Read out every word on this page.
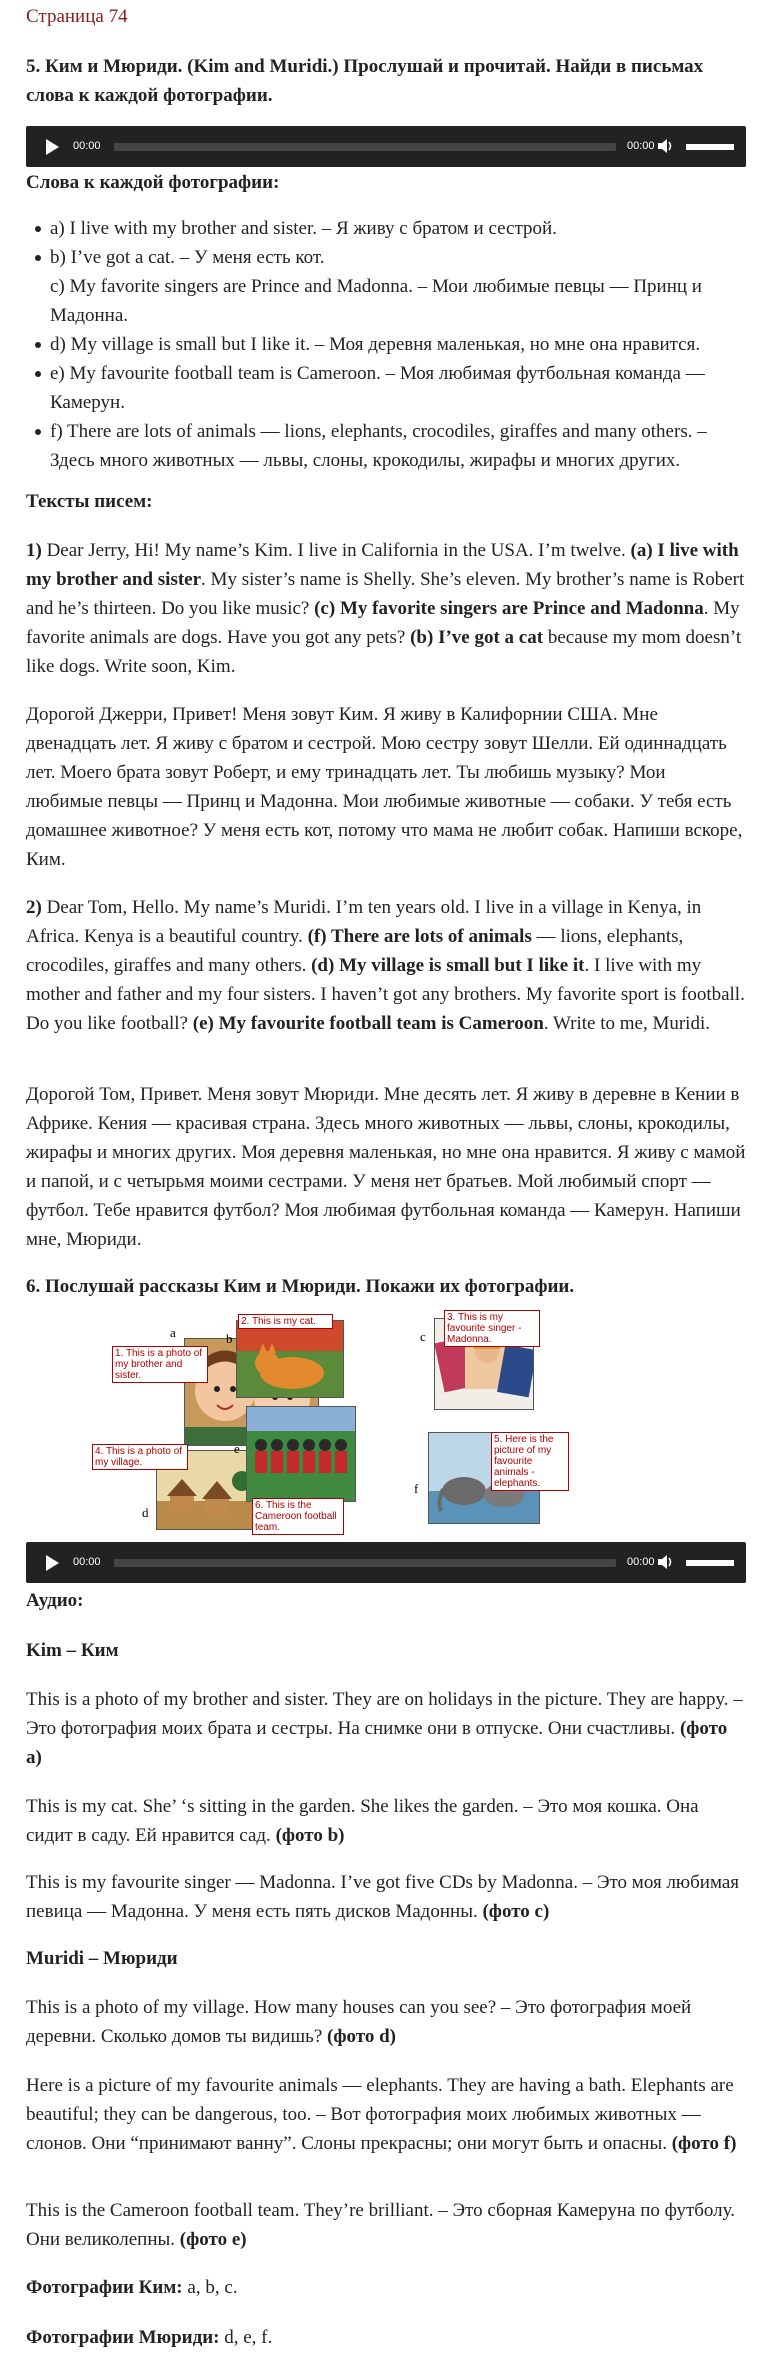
Страница 74
5. Ким и Мюриди. (Kim and Muridi.) Прослушай и прочитай. Найди в письмах слова к каждой фотографии.
00:00	00:00
Слова к каждой фотографии:
a) I live with my brother and sister. – Я живу с братом и сестрой.
b) I’ve got a cat. – У меня есть кот.
c) My favorite singers are Prince and Madonna. – Мои любимые певцы — Принц и Мадонна.
d) My village is small but I like it. – Моя деревня маленькая, но мне она нравится.
e) My favourite football team is Cameroon. – Моя любимая футбольная команда — Камерун.
f) There are lots of animals — lions, elephants, crocodiles, giraffes and many others. – Здесь много животных — львы, слоны, крокодилы, жирафы и многих других.
Тексты писем:

1) Dear Jerry, Hi! My name’s Kim. I live in California in the USA. I’m twelve. (a) I live with my brother and sister. My sister’s name is Shelly. She’s eleven. My brother’s name is Robert and he’s thirteen. Do you like music? (c) My favorite singers are Prince and Madonna. My favorite animals are dogs. Have you got any pets? (b) I’ve got a cat because my mom doesn’t like dogs. Write soon, Kim.

Дорогой Джерри, Привет! Меня зовут Ким. Я живу в Калифорнии США. Мне двенадцать лет. Я живу с братом и сестрой. Мою сестру зовут Шелли. Ей одиннадцать лет. Моего брата зовут Роберт, и ему тринадцать лет. Ты любишь музыку? Мои любимые певцы — Принц и Мадонна. Мои любимые животные — собаки. У тебя есть домашнее животное? У меня есть кот, потому что мама не любит собак. Напиши вскоре, Ким.

2) Dear Tom, Hello. My name’s Muridi. I’m ten years old. I live in a village in Kenya, in Africa. Kenya is a beautiful country. (f) There are lots of animals — lions, elephants, crocodiles, giraffes and many others. (d) My village is small but I like it. I live with my mother and father and my four sisters. I haven’t got any brothers. My favorite sport is football. Do you like football? (e) My favourite football team is Cameroon. Write to me, Muridi.

Дорогой Том, Привет. Меня зовут Мюриди. Мне десять лет. Я живу в деревне в Кении в Африке. Кения — красивая страна. Здесь много животных — львы, слоны, крокодилы, жирафы и многих других. Моя деревня маленькая, но мне она нравится. Я живу с мамой и папой, и с четырьмя моими сестрами. У меня нет братьев. Мой любимый спорт — футбол. Тебе нравится футбол? Моя любимая футбольная команда — Камерун. Напиши мне, Мюриди.

6. Послушай рассказы Ким и Мюриди. Покажи их фотографии.
a	b	c
d
e
f
1. This is a photo of my brother and sister.
2. This is my cat.	3. This is my favourite singer - Madonna.
4. This is a photo of my village.
5. Here is the picture of my favourite animals - elephants.
6. This is the Cameroon football team.
00:00	00:00
Аудио:
Kim – Ким

This is a photo of my brother and sister. They are on holidays in the picture. They are happy. – Это фотография моих брата и сестры. На снимке они в отпуске. Они счастливы. (фото а)

This is my cat. She’ ‘s sitting in the garden. She likes the garden. – Это моя кошка. Она сидит в саду. Ей нравится сад. (фото b)

This is my favourite singer — Madonna. I’ve got five CDs by Madonna. – Это моя любимая певица — Мадонна. У меня есть пять дисков Мадонны. (фото c)

Muridi – Мюриди

This is a photo of my village. How many houses can you see? – Это фотография моей деревни. Сколько домов ты видишь? (фото d)

Here is a picture of my favourite animals — elephants. They are having a bath. Elephants are beautiful; they can be dangerous, too. – Вот фотография моих любимых животных — слонов. Они “принимают ванну”. Слоны прекрасны; они могут быть и опасны. (фото f)

This is the Cameroon football team. They’re brilliant. – Это сборная Камеруна по футболу. Они великолепны. (фото e)

Фотографии Ким: a, b, c.

Фотографии Мюриди: d, e, f.
